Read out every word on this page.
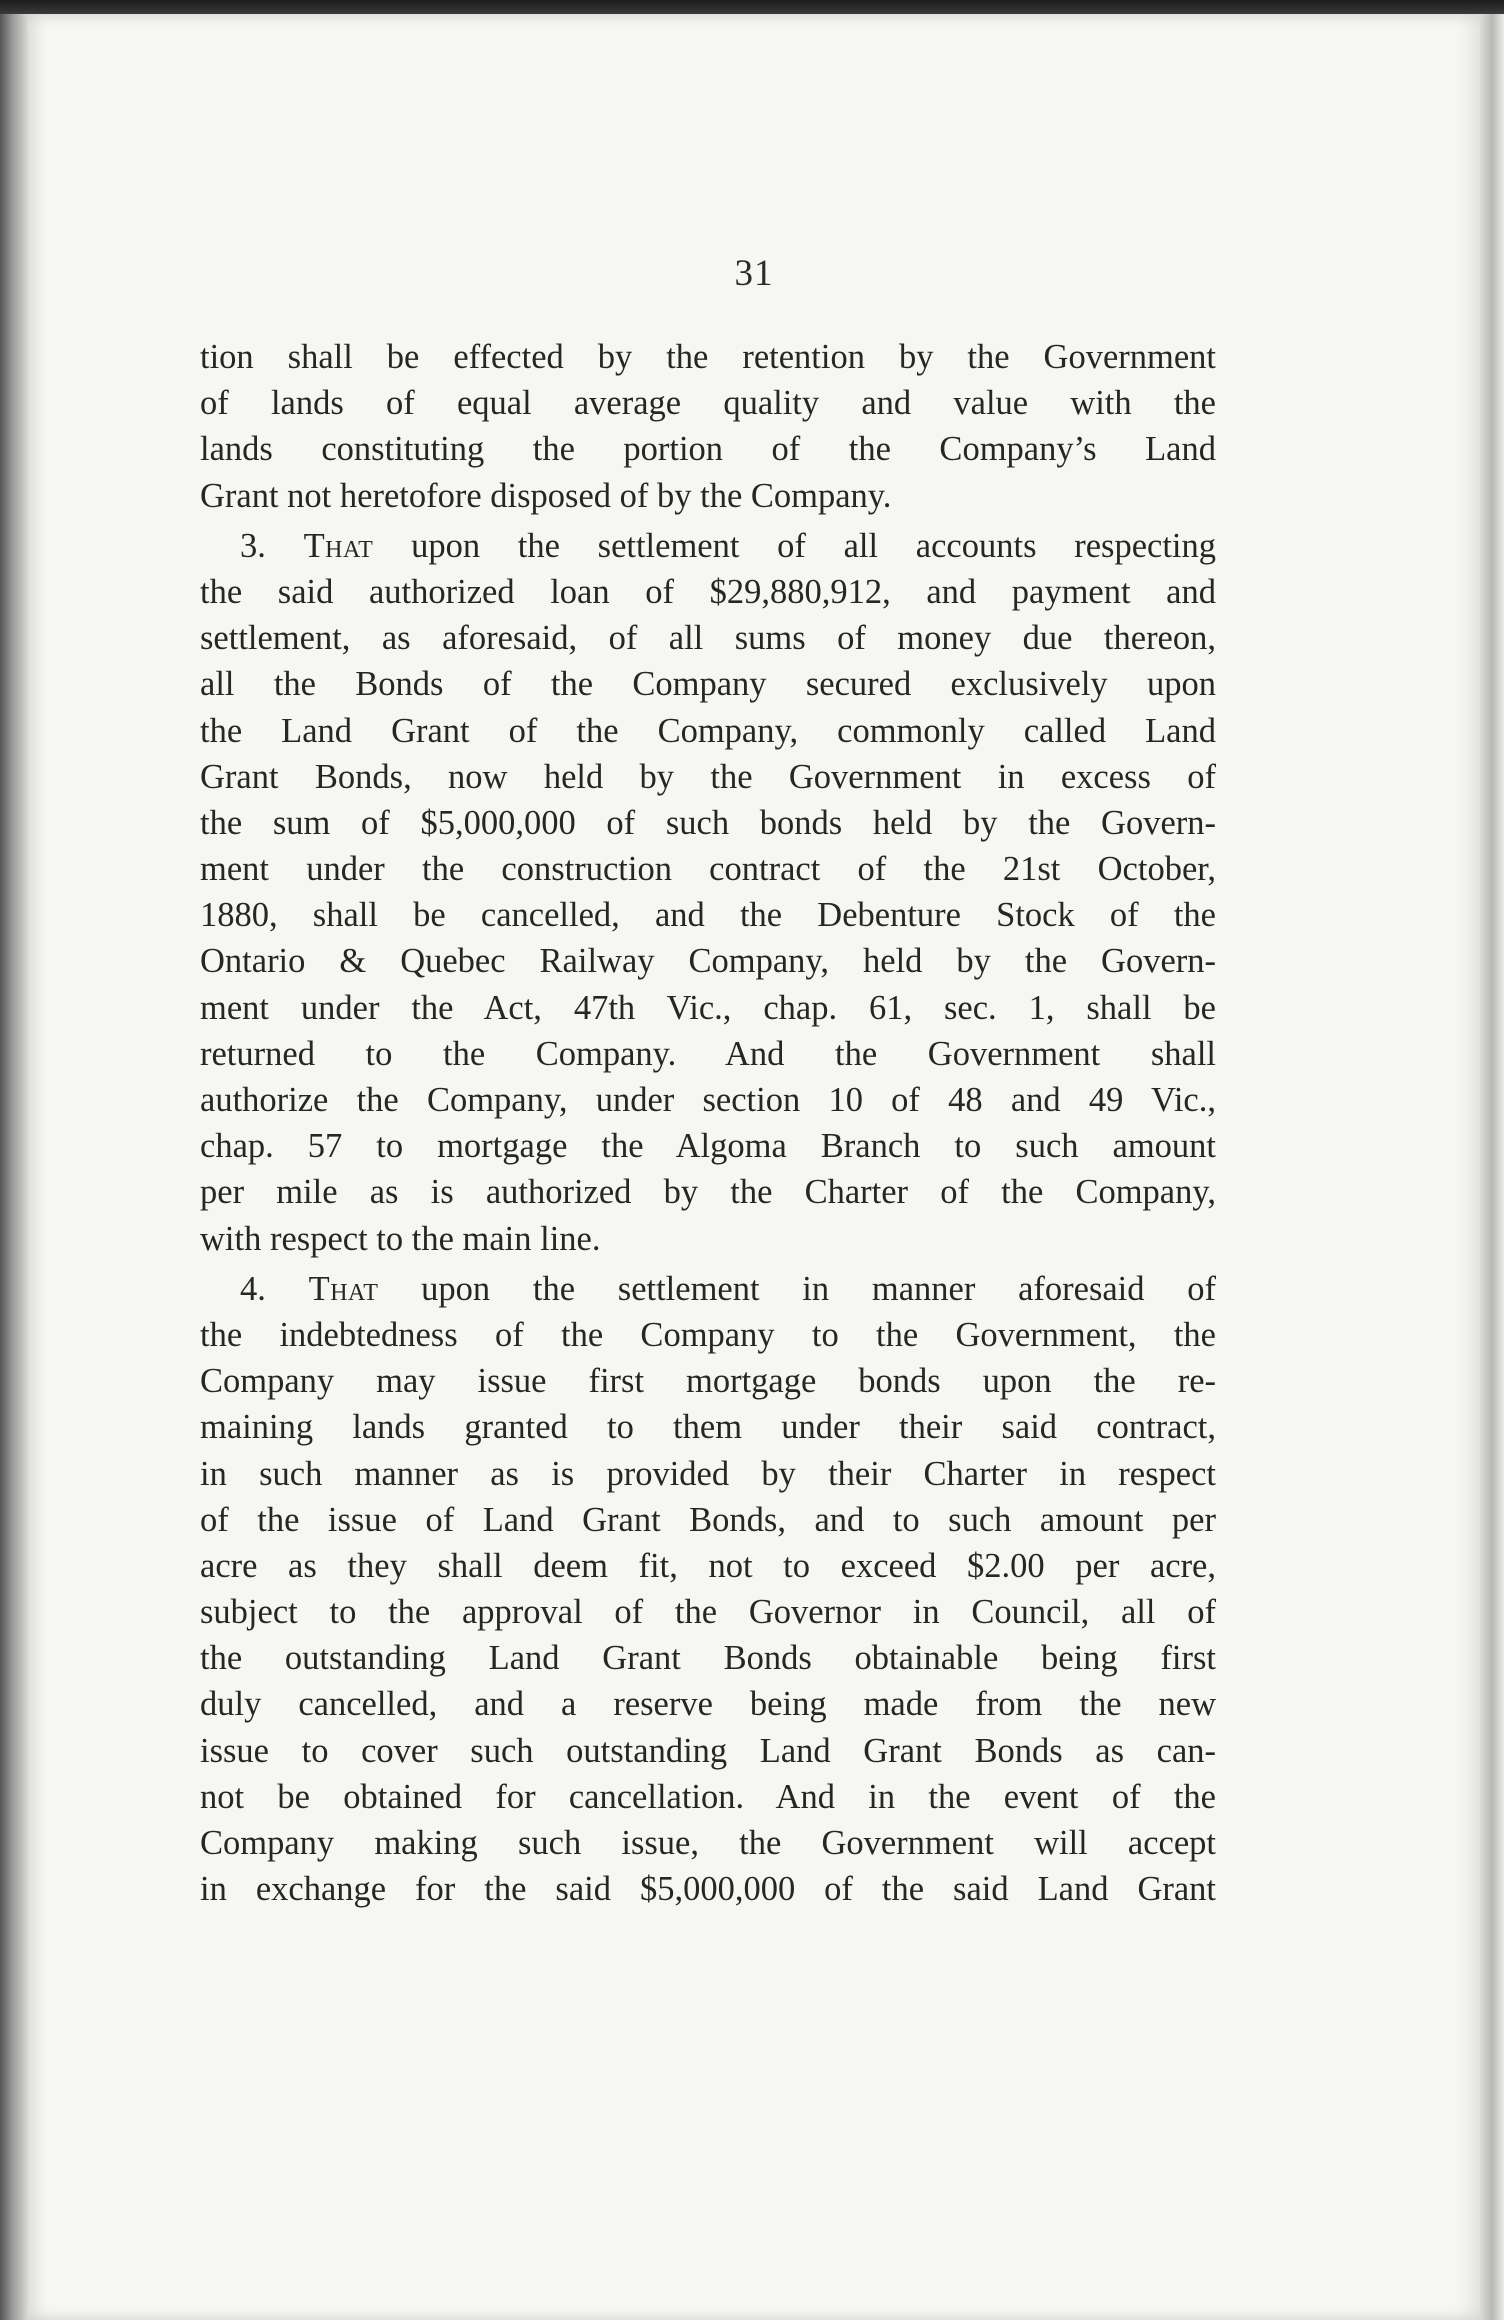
31
tion shall be effected by the retention by the Government
of lands of equal average quality and value with the
lands constituting the portion of the Company’s Land
Grant not heretofore disposed of by the Company.
3. That upon the settlement of all accounts respecting
the said authorized loan of $29,880,912, and payment and
settlement, as aforesaid, of all sums of money due thereon,
all the Bonds of the Company secured exclusively upon
the Land Grant of the Company, commonly called Land
Grant Bonds, now held by the Government in excess of
the sum of $5,000,000 of such bonds held by the Govern-
ment under the construction contract of the 21st October,
1880, shall be cancelled, and the Debenture Stock of the
Ontario & Quebec Railway Company, held by the Govern-
ment under the Act, 47th Vic., chap. 61, sec. 1, shall be
returned to the Company. And the Government shall
authorize the Company, under section 10 of 48 and 49 Vic.,
chap. 57 to mortgage the Algoma Branch to such amount
per mile as is authorized by the Charter of the Company,
with respect to the main line.
4. That upon the settlement in manner aforesaid of
the indebtedness of the Company to the Government, the
Company may issue first mortgage bonds upon the re-
maining lands granted to them under their said contract,
in such manner as is provided by their Charter in respect
of the issue of Land Grant Bonds, and to such amount per
acre as they shall deem fit, not to exceed $2.00 per acre,
subject to the approval of the Governor in Council, all of
the outstanding Land Grant Bonds obtainable being first
duly cancelled, and a reserve being made from the new
issue to cover such outstanding Land Grant Bonds as can-
not be obtained for cancellation. And in the event of the
Company making such issue, the Government will accept
in exchange for the said $5,000,000 of the said Land Grant
